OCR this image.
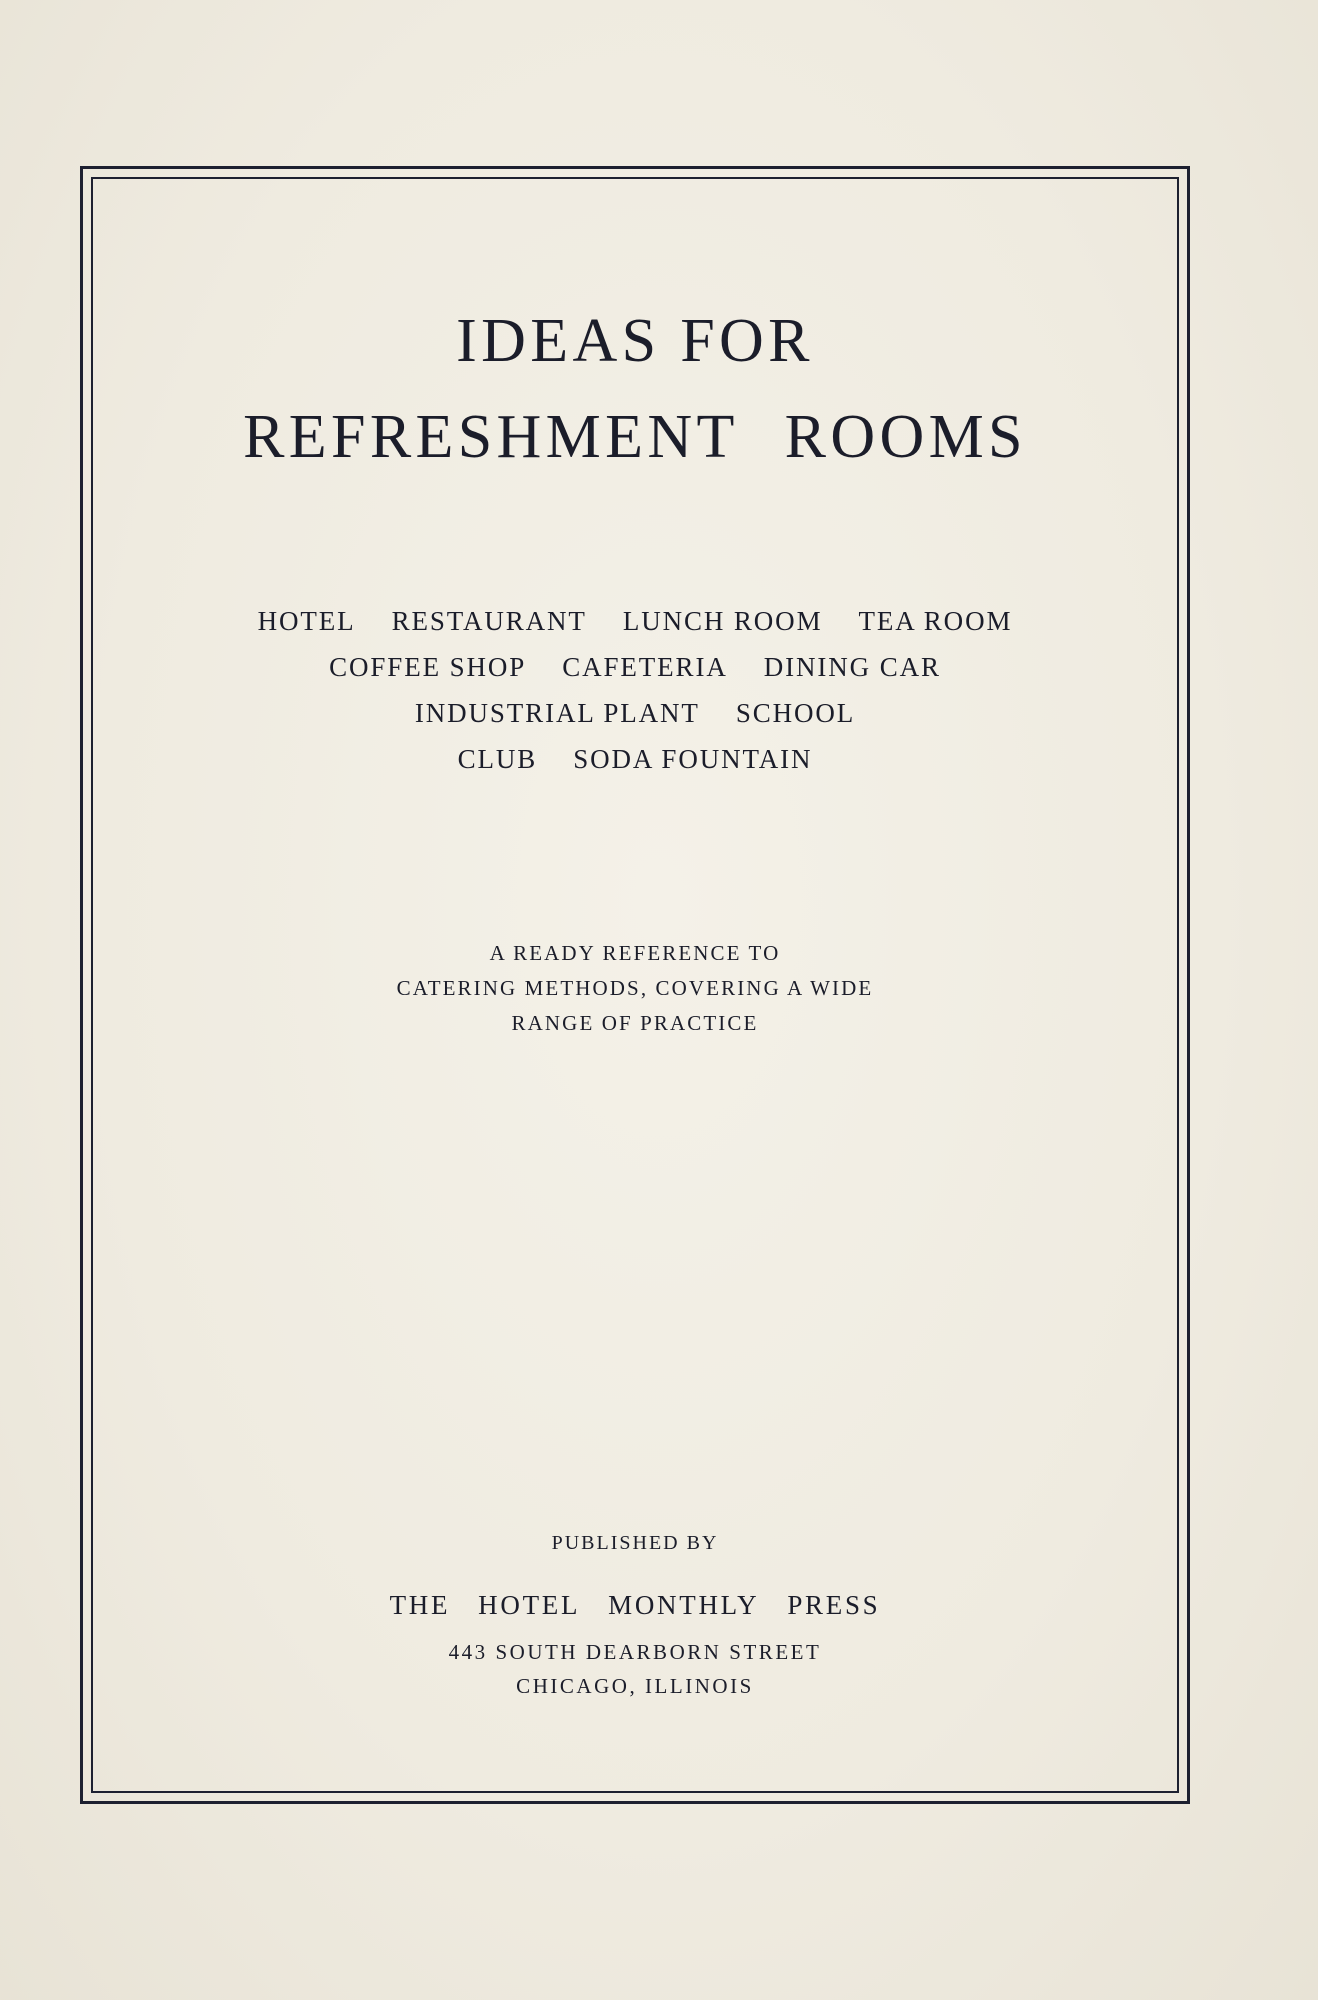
IDEAS FOR
REFRESHMENT ROOMS
HOTEL RESTAURANT LUNCH ROOM TEA ROOM
COFFEE SHOP CAFETERIA DINING CAR
INDUSTRIAL PLANT SCHOOL
CLUB SODA FOUNTAIN
A READY REFERENCE TO
CATERING METHODS, COVERING A WIDE
RANGE OF PRACTICE
PUBLISHED BY
THE HOTEL MONTHLY PRESS
443 SOUTH DEARBORN STREET
CHICAGO, ILLINOIS
